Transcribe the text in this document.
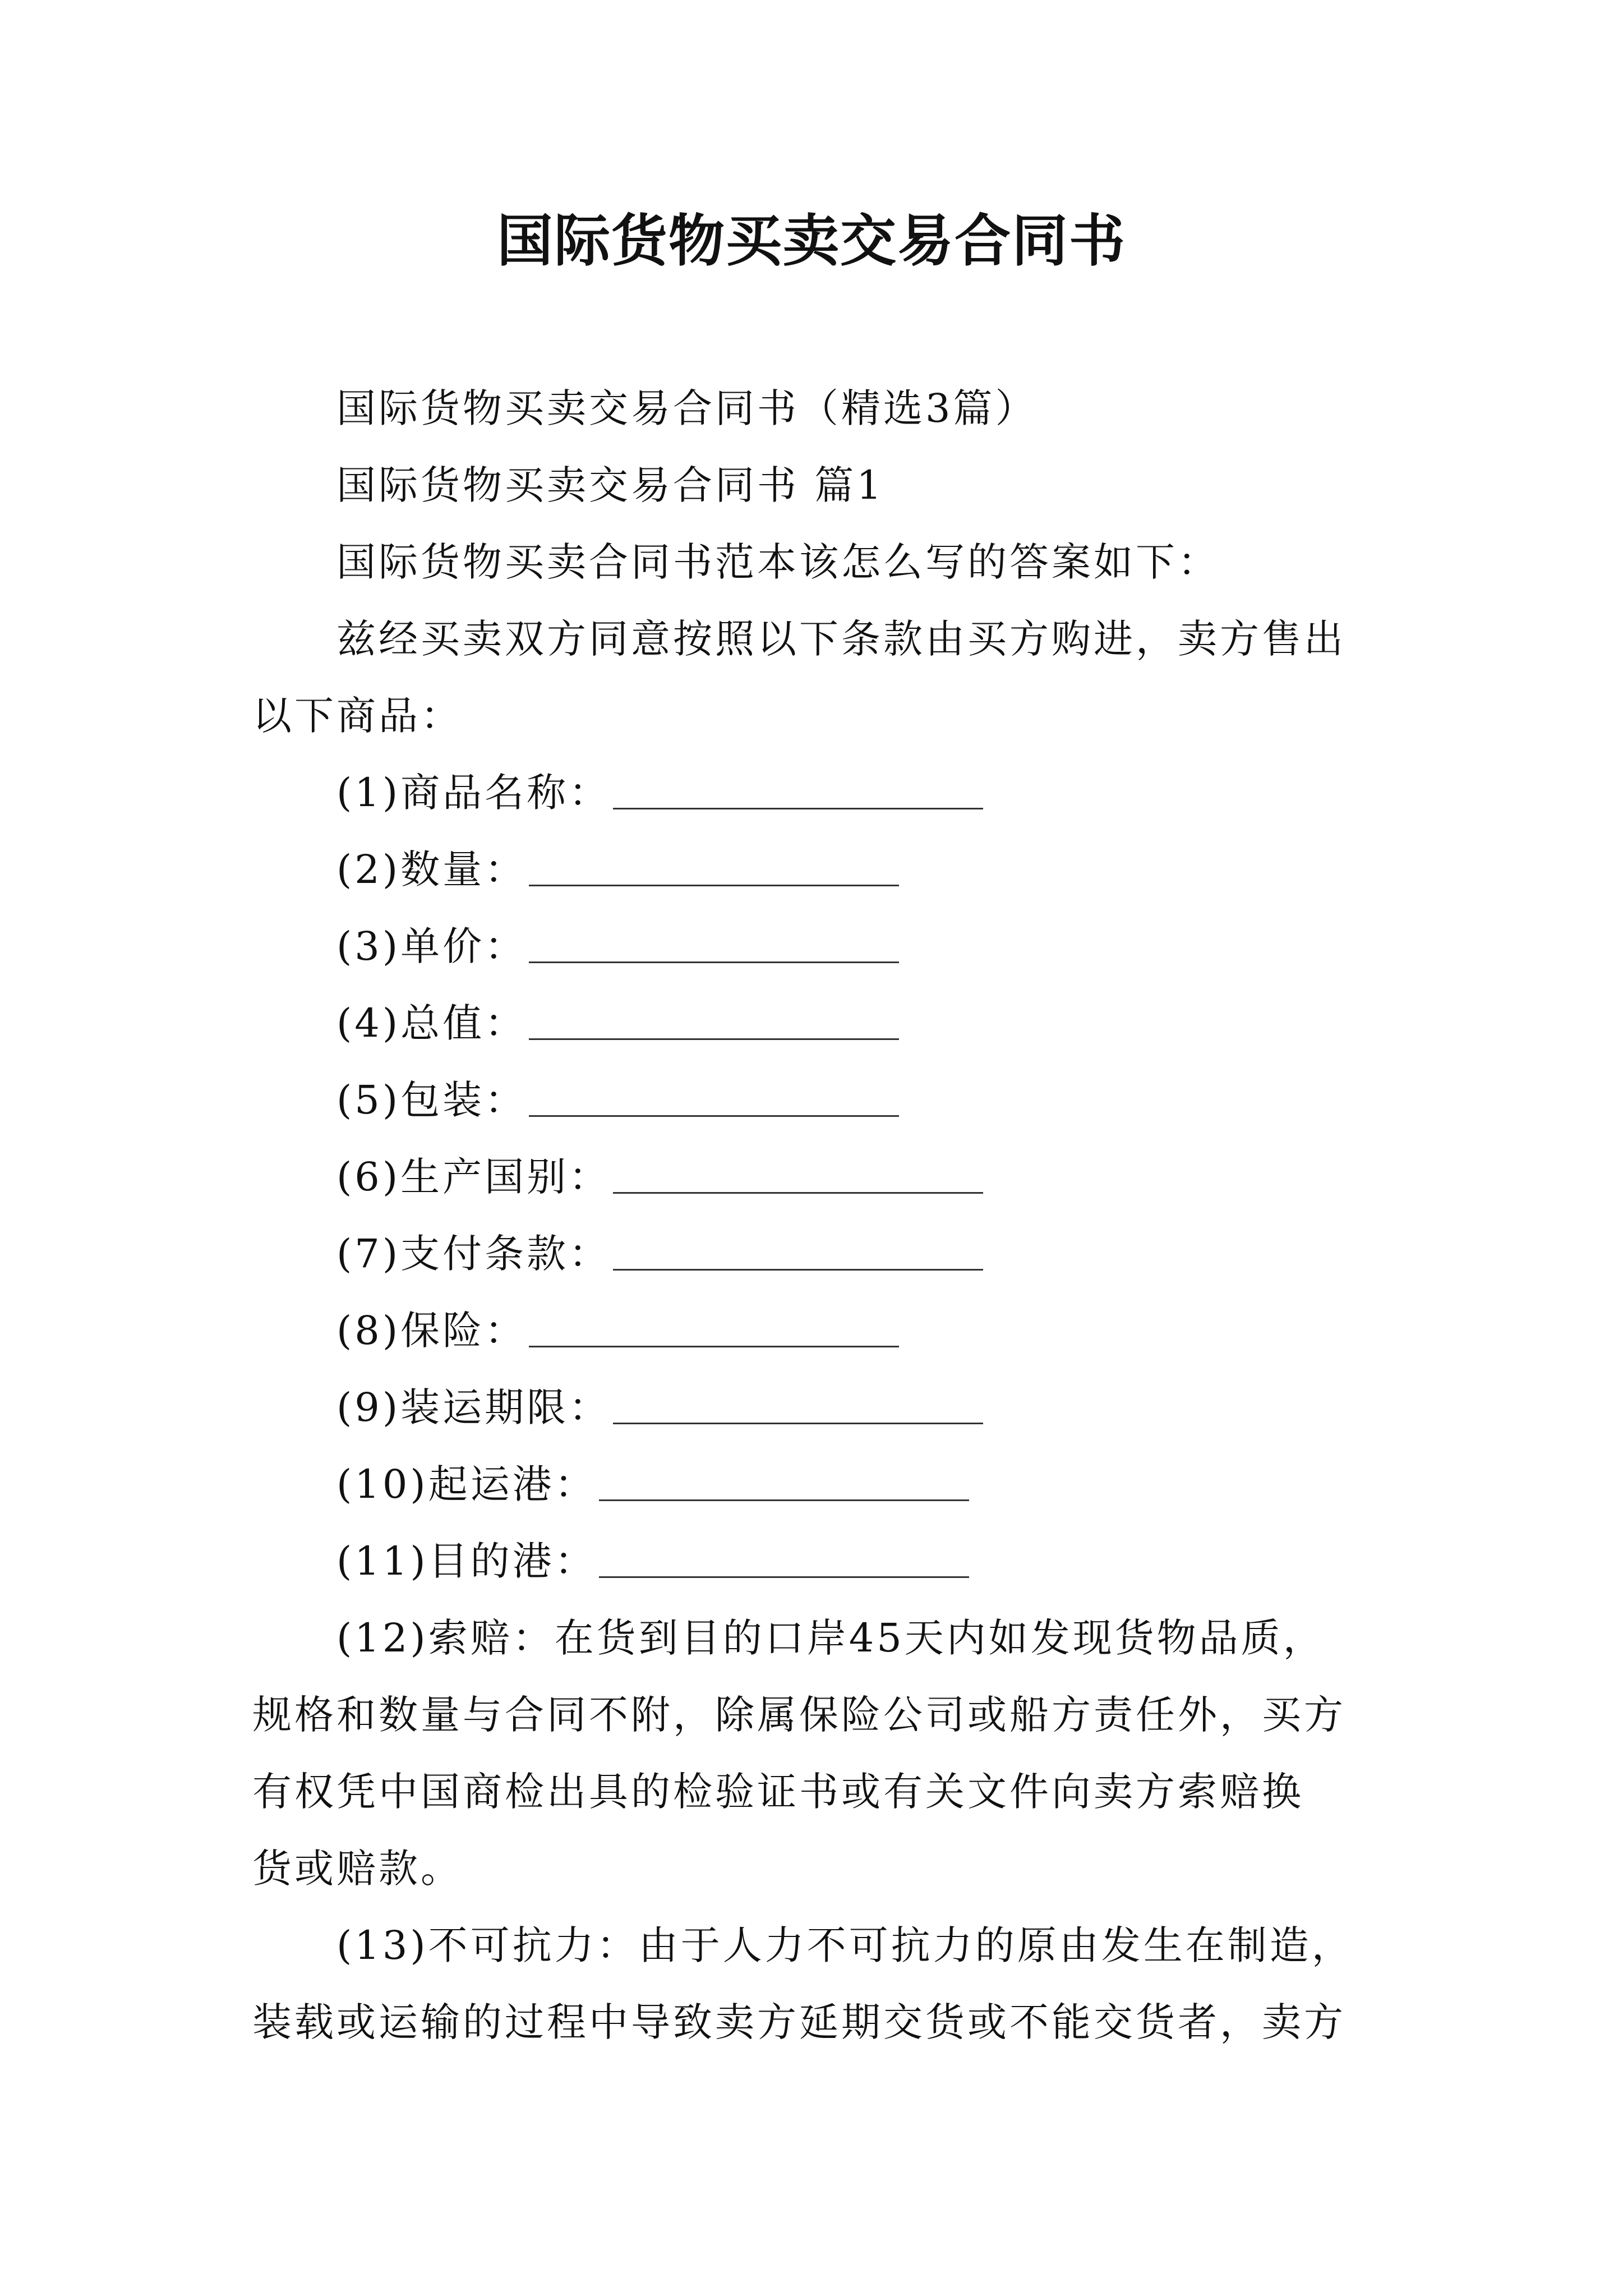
国际货物买卖交易合同书
国际货物买卖交易合同书（精选3篇）
国际货物买卖交易合同书 篇1
国际货物买卖合同书范本该怎么写的答案如下：
兹经买卖双方同意按照以下条款由买方购进，卖方售出
以下商品：
(1)商品名称：
(2)数量：
(3)单价：
(4)总值：
(5)包装：
(6)生产国别：
(7)支付条款：
(8)保险：
(9)装运期限：
(10)起运港：
(11)目的港：
(12)索赔：在货到目的口岸45天内如发现货物品质，
规格和数量与合同不附，除属保险公司或船方责任外，买方
有权凭中国商检出具的检验证书或有关文件向卖方索赔换
货或赔款。
(13)不可抗力：由于人力不可抗力的原由发生在制造，
装载或运输的过程中导致卖方延期交货或不能交货者，卖方
